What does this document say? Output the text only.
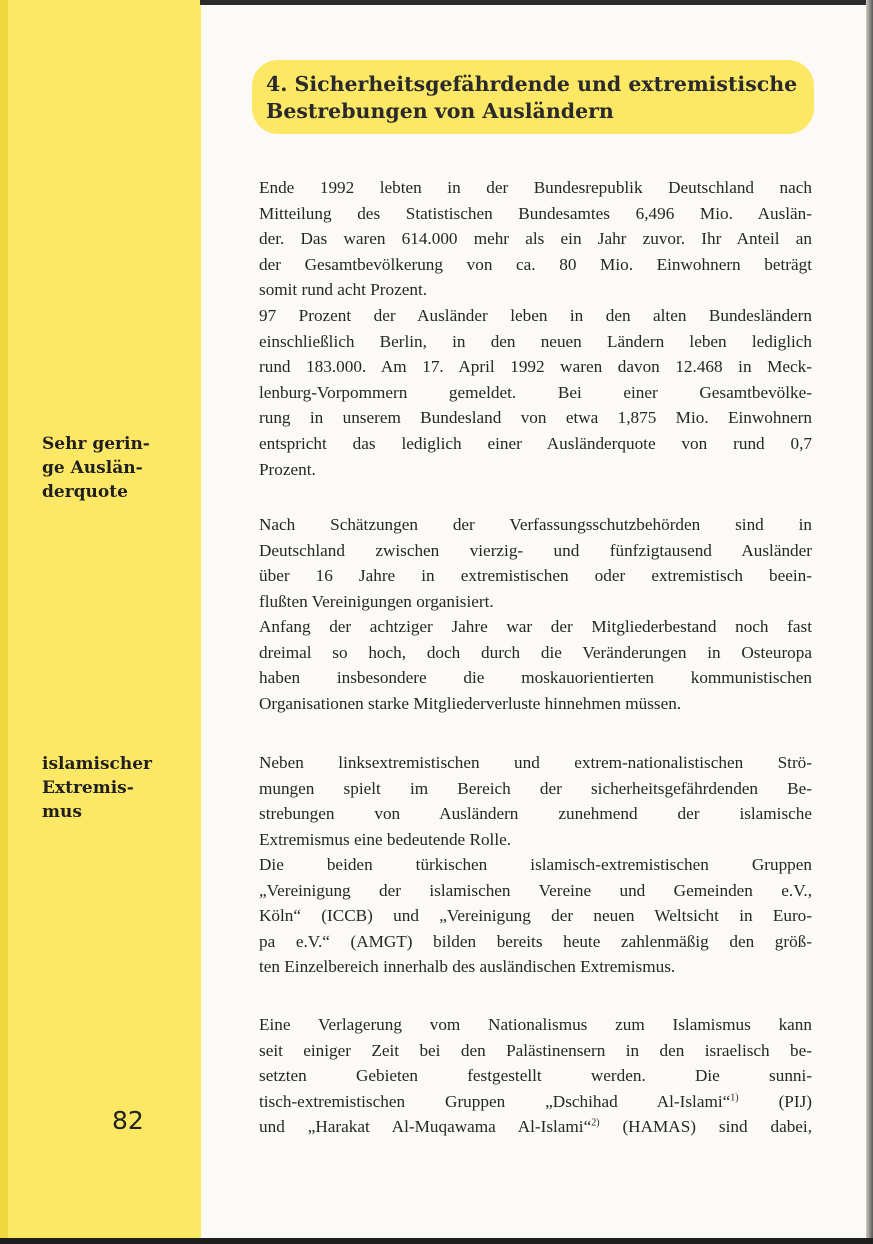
Sehr gerin-
ge Auslän-
derquote
islamischer
Extremis-
mus
82
4. Sicherheitsgefährdende und extremistische
Bestrebungen von Ausländern
Ende 1992 lebten in der Bundesrepublik Deutschland nach
Mitteilung des Statistischen Bundesamtes 6,496 Mio. Auslän-
der. Das waren 614.000 mehr als ein Jahr zuvor. Ihr Anteil an
der Gesamtbevölkerung von ca. 80 Mio. Einwohnern beträgt
somit rund acht Prozent.
97 Prozent der Ausländer leben in den alten Bundesländern
einschließlich Berlin, in den neuen Ländern leben lediglich
rund 183.000. Am 17. April 1992 waren davon 12.468 in Meck-
lenburg-Vorpommern gemeldet. Bei einer Gesamtbevölke-
rung in unserem Bundesland von etwa 1,875 Mio. Einwohnern
entspricht das lediglich einer Ausländerquote von rund 0,7
Prozent.
Nach Schätzungen der Verfassungsschutzbehörden sind in
Deutschland zwischen vierzig- und fünfzigtausend Ausländer
über 16 Jahre in extremistischen oder extremistisch beein-
flußten Vereinigungen organisiert.
Anfang der achtziger Jahre war der Mitgliederbestand noch fast
dreimal so hoch, doch durch die Veränderungen in Osteuropa
haben insbesondere die moskauorientierten kommunistischen
Organisationen starke Mitgliederverluste hinnehmen müssen.
Neben linksextremistischen und extrem-nationalistischen Strö-
mungen spielt im Bereich der sicherheitsgefährdenden Be-
strebungen von Ausländern zunehmend der islamische
Extremismus eine bedeutende Rolle.
Die beiden türkischen islamisch-extremistischen Gruppen
„Vereinigung der islamischen Vereine und Gemeinden e.V.,
Köln“ (ICCB) und „Vereinigung der neuen Weltsicht in Euro-
pa e.V.“ (AMGT) bilden bereits heute zahlenmäßig den größ-
ten Einzelbereich innerhalb des ausländischen Extremismus.
Eine Verlagerung vom Nationalismus zum Islamismus kann
seit einiger Zeit bei den Palästinensern in den israelisch be-
setzten Gebieten festgestellt werden. Die sunni-
tisch-extremistischen Gruppen „Dschihad Al-Islami“$^{1)}$ (PIJ)
und „Harakat Al-Muqawama Al-Islami“$^{2)}$ (HAMAS) sind dabei,
